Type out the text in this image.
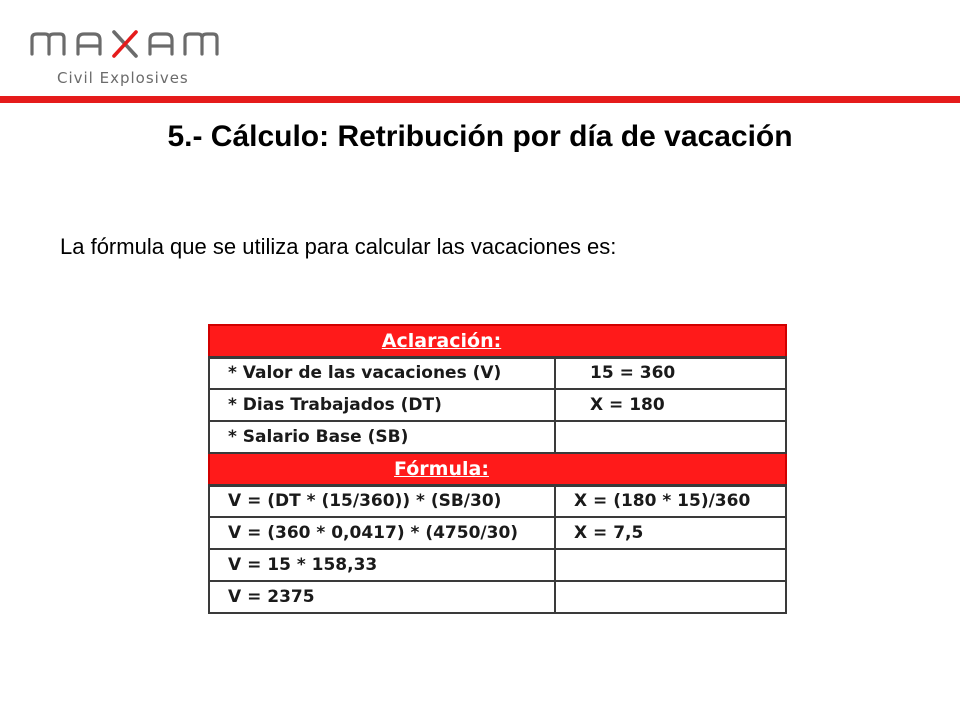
Civil Explosives
5.- Cálculo: Retribución por día de vacación
La fórmula que se utiliza para calcular las vacaciones es:
Aclaración:	
* Valor de las vacaciones (V)	15 = 360
* Dias Trabajados (DT)	X = 180
* Salario Base (SB)	
Fórmula:	
V = (DT * (15/360)) * (SB/30)	X = (180 * 15)/360
V = (360 * 0,0417) * (4750/30)	X = 7,5
V = 15 * 158,33	
V = 2375	
